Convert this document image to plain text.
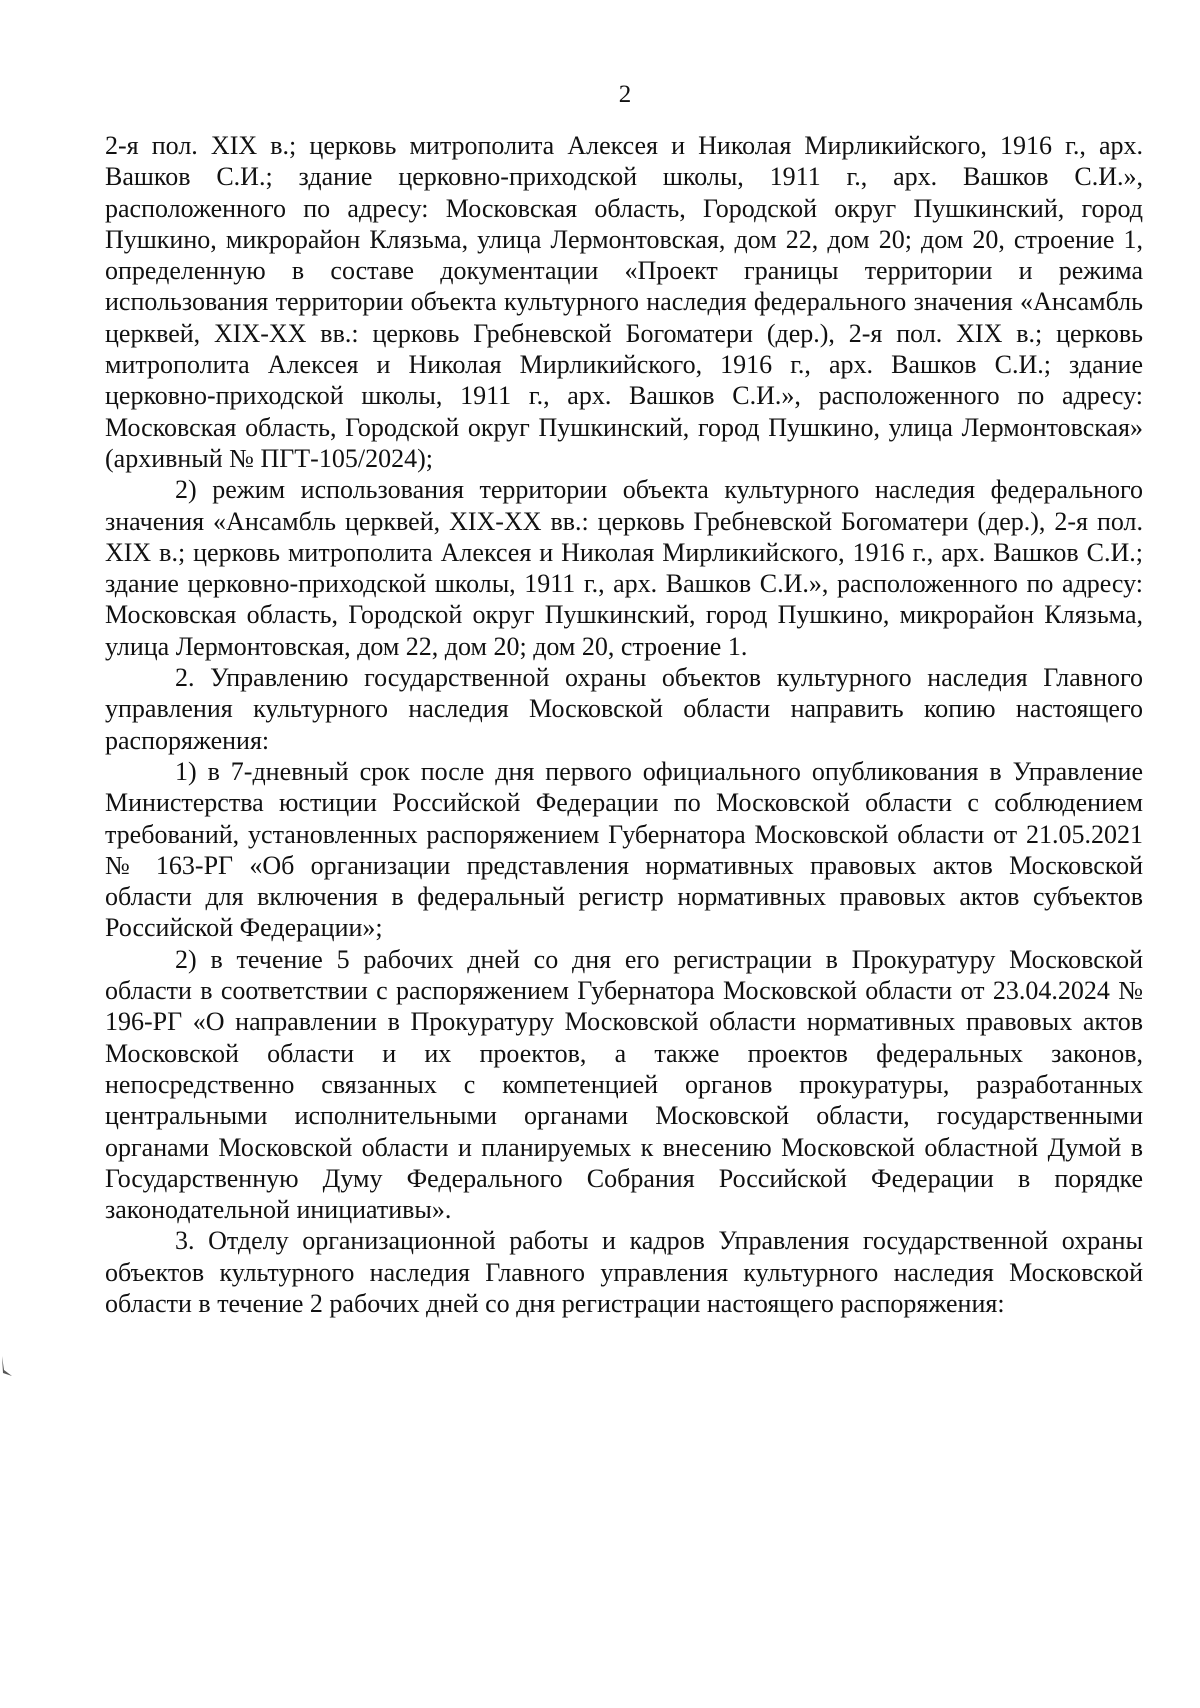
2

2-я пол. XIX в.; церковь митрополита Алексея и Николая Мирликийского, 1916 г., арх. Вашков С.И.; здание церковно-приходской школы, 1911 г., арх. Вашков С.И.», расположенного по адресу: Московская область, Городской округ Пушкинский, город Пушкино, микрорайон Клязьма, улица Лермонтовская, дом 22, дом 20; дом 20, строение 1, определенную в составе документации «Проект границы территории и режима использования территории объекта культурного наследия федерального значения «Ансамбль церквей, XIX-XX вв.: церковь Гребневской Богоматери (дер.), 2-я пол. XIX в.; церковь митрополита Алексея и Николая Мирликийского, 1916 г., арх. Вашков С.И.; здание церковно-приходской школы, 1911 г., арх. Вашков С.И.», расположенного по адресу: Московская область, Городской округ Пушкинский, город Пушкино, улица Лермонтовская» (архивный № ПГТ-105/2024);

2) режим использования территории объекта культурного наследия федерального значения «Ансамбль церквей, XIX-XX вв.: церковь Гребневской Богоматери (дер.), 2-я пол. XIX в.; церковь митрополита Алексея и Николая Мирликийского, 1916 г., арх. Вашков С.И.; здание церковно-приходской школы, 1911 г., арх. Вашков С.И.», расположенного по адресу: Московская область, Городской округ Пушкинский, город Пушкино, микрорайон Клязьма, улица Лермонтовская, дом 22, дом 20; дом 20, строение 1.

2. Управлению государственной охраны объектов культурного наследия Главного управления культурного наследия Московской области направить копию настоящего распоряжения:

1) в 7-дневный срок после дня первого официального опубликования в Управление Министерства юстиции Российской Федерации по Московской области с соблюдением требований, установленных распоряжением Губернатора Московской области от 21.05.2021 № 163-РГ «Об организации представления нормативных правовых актов Московской области для включения в федеральный регистр нормативных правовых актов субъектов Российской Федерации»;

2) в течение 5 рабочих дней со дня его регистрации в Прокуратуру Московской области в соответствии с распоряжением Губернатора Московской области от 23.04.2024 № 196-РГ «О направлении в Прокуратуру Московской области нормативных правовых актов Московской области и их проектов, а также проектов федеральных законов, непосредственно связанных с компетенцией органов прокуратуры, разработанных центральными исполнительными органами Московской области, государственными органами Московской области и планируемых к внесению Московской областной Думой в Государственную Думу Федерального Собрания Российской Федерации в порядке законодательной инициативы».

3. Отделу организационной работы и кадров Управления государственной охраны объектов культурного наследия Главного управления культурного наследия Московской области в течение 2 рабочих дней со дня регистрации настоящего распоряжения:
